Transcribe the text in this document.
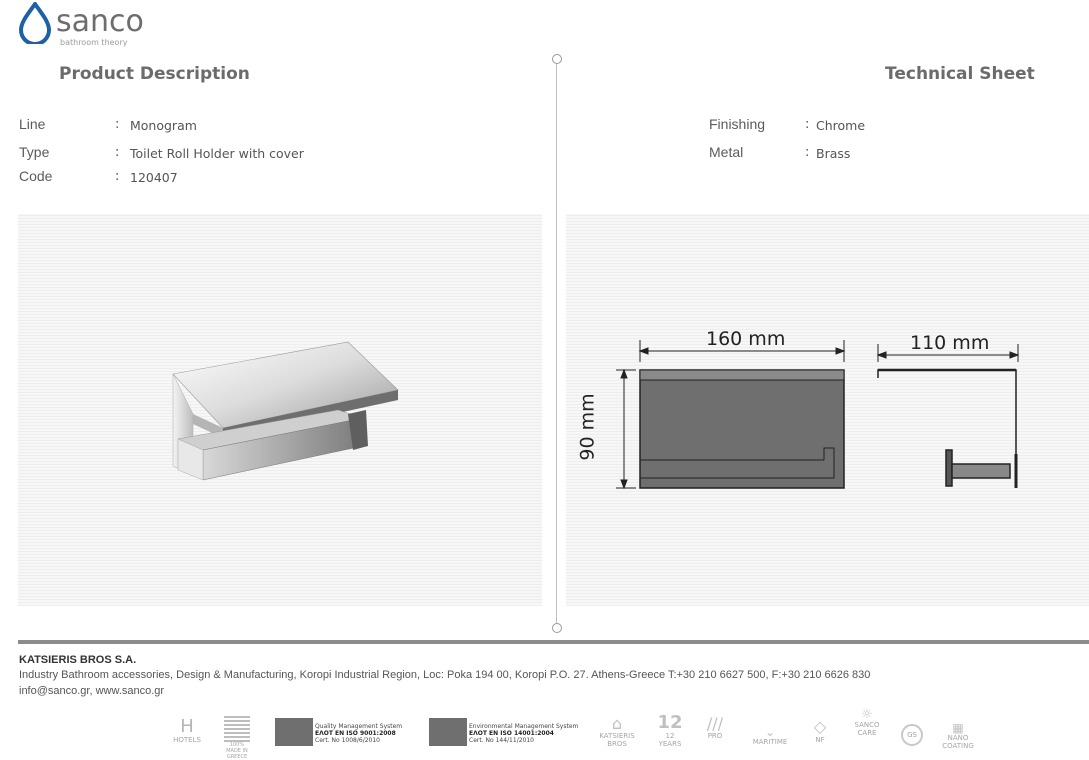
sanco
bathroom theory
Product Description	Technical Sheet
Line	: Monogram
Type	: Toilet Roll Holder with cover
Code	: 120407
Finishing	: Chrome
Metal	: Brass
160 mm	110 mm
90 mm
KATSIERIS BROS S.A.
Industry Bathroom accessories, Design & Manufacturing, Koropi Industrial Region, Loc: Poka 194 00, Koropi P.O. 27. Athens-Greece T:+30 210 6627 500, F:+30 210 6626 830
info@sanco.gr, www.sanco.gr
H
HOTELS
100% MADE IN GREECE
Quality Management System
ΕΛΟΤ EN ISO 9001:2008
Cert. No 1008/6/2010
Environmental Management System
ΕΛΟΤ EN ISO 14001:2004
Cert. No 144/11/2010
⌂
KATSIERIS BROS
12
12 YEARS
///
PRO	⌄
MARITIME
◇
NF
☼
SANCO CARE	GS	▦
NANO COATING
